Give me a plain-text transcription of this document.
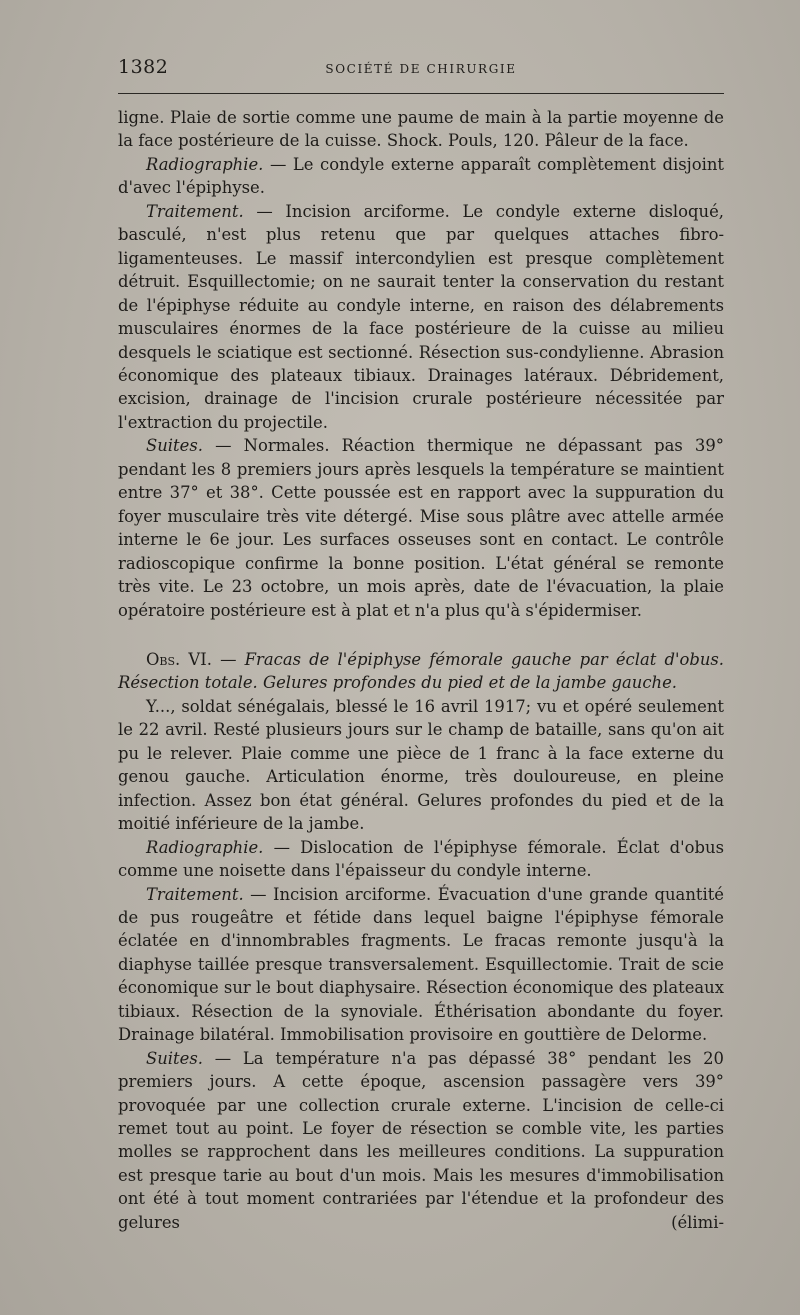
1382	SOCIÉTÉ DE CHIRURGIE

ligne. Plaie de sortie comme une paume de main à la partie moyenne de la face postérieure de la cuisse. Shock. Pouls, 120. Pâleur de la face.

Radiographie. — Le condyle externe apparaît complètement disjoint d'avec l'épiphyse.

Traitement. — Incision arciforme. Le condyle externe disloqué, basculé, n'est plus retenu que par quelques attaches fibro-ligamenteuses. Le massif intercondylien est presque complètement détruit. Esquillectomie; on ne saurait tenter la conservation du restant de l'épiphyse réduite au condyle interne, en raison des délabrements musculaires énormes de la face postérieure de la cuisse au milieu desquels le sciatique est sectionné. Résection sus-condylienne. Abrasion économique des plateaux tibiaux. Drainages latéraux. Débridement, excision, drainage de l'incision crurale postérieure nécessitée par l'extraction du projectile.

Suites. — Normales. Réaction thermique ne dépassant pas 39° pendant les 8 premiers jours après lesquels la température se maintient entre 37° et 38°. Cette poussée est en rapport avec la suppuration du foyer musculaire très vite détergé. Mise sous plâtre avec attelle armée interne le 6e jour. Les surfaces osseuses sont en contact. Le contrôle radioscopique confirme la bonne position. L'état général se remonte très vite. Le 23 octobre, un mois après, date de l'évacuation, la plaie opératoire postérieure est à plat et n'a plus qu'à s'épidermiser.

Obs. VI. — Fracas de l'épiphyse fémorale gauche par éclat d'obus. Résection totale. Gelures profondes du pied et de la jambe gauche.

Y..., soldat sénégalais, blessé le 16 avril 1917; vu et opéré seulement le 22 avril. Resté plusieurs jours sur le champ de bataille, sans qu'on ait pu le relever. Plaie comme une pièce de 1 franc à la face externe du genou gauche. Articulation énorme, très douloureuse, en pleine infection. Assez bon état général. Gelures profondes du pied et de la moitié inférieure de la jambe.

Radiographie. — Dislocation de l'épiphyse fémorale. Éclat d'obus comme une noisette dans l'épaisseur du condyle interne.

Traitement. — Incision arciforme. Évacuation d'une grande quantité de pus rougeâtre et fétide dans lequel baigne l'épiphyse fémorale éclatée en d'innombrables fragments. Le fracas remonte jusqu'à la diaphyse taillée presque transversalement. Esquillectomie. Trait de scie économique sur le bout diaphysaire. Résection économique des plateaux tibiaux. Résection de la synoviale. Éthérisation abondante du foyer. Drainage bilatéral. Immobilisation provisoire en gouttière de Delorme.

Suites. — La température n'a pas dépassé 38° pendant les 20 premiers jours. A cette époque, ascension passagère vers 39° provoquée par une collection crurale externe. L'incision de celle-ci remet tout au point. Le foyer de résection se comble vite, les parties molles se rapprochent dans les meilleures conditions. La suppuration est presque tarie au bout d'un mois. Mais les mesures d'immobilisation ont été à tout moment contrariées par l'étendue et la profondeur des gelures (élimi-
